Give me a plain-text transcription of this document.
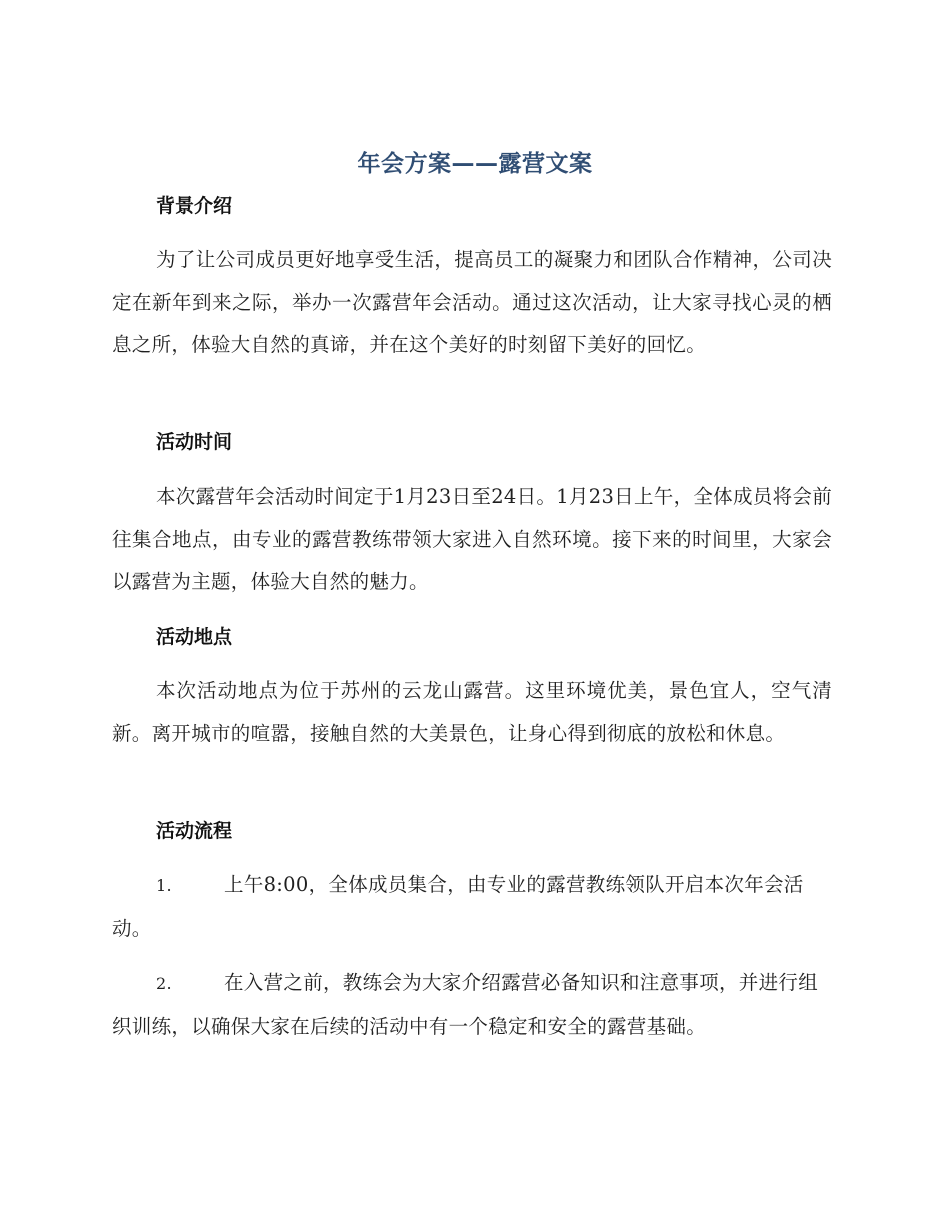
年会方案——露营文案
背景介绍
为了让公司成员更好地享受生活，提高员工的凝聚力和团队合作精神，公司决定在新年到来之际，举办一次露营年会活动。通过这次活动，让大家寻找心灵的栖息之所，体验大自然的真谛，并在这个美好的时刻留下美好的回忆。
活动时间
本次露营年会活动时间定于1月23日至24日。1月23日上午，全体成员将会前往集合地点，由专业的露营教练带领大家进入自然环境。接下来的时间里，大家会以露营为主题，体验大自然的魅力。
活动地点
本次活动地点为位于苏州的云龙山露营。这里环境优美，景色宜人，空气清新。离开城市的喧嚣，接触自然的大美景色，让身心得到彻底的放松和休息。
活动流程
1.	上午8:00，全体成员集合，由专业的露营教练领队开启本次年会活动。
2.	在入营之前，教练会为大家介绍露营必备知识和注意事项，并进行组织训练，以确保大家在后续的活动中有一个稳定和安全的露营基础。
